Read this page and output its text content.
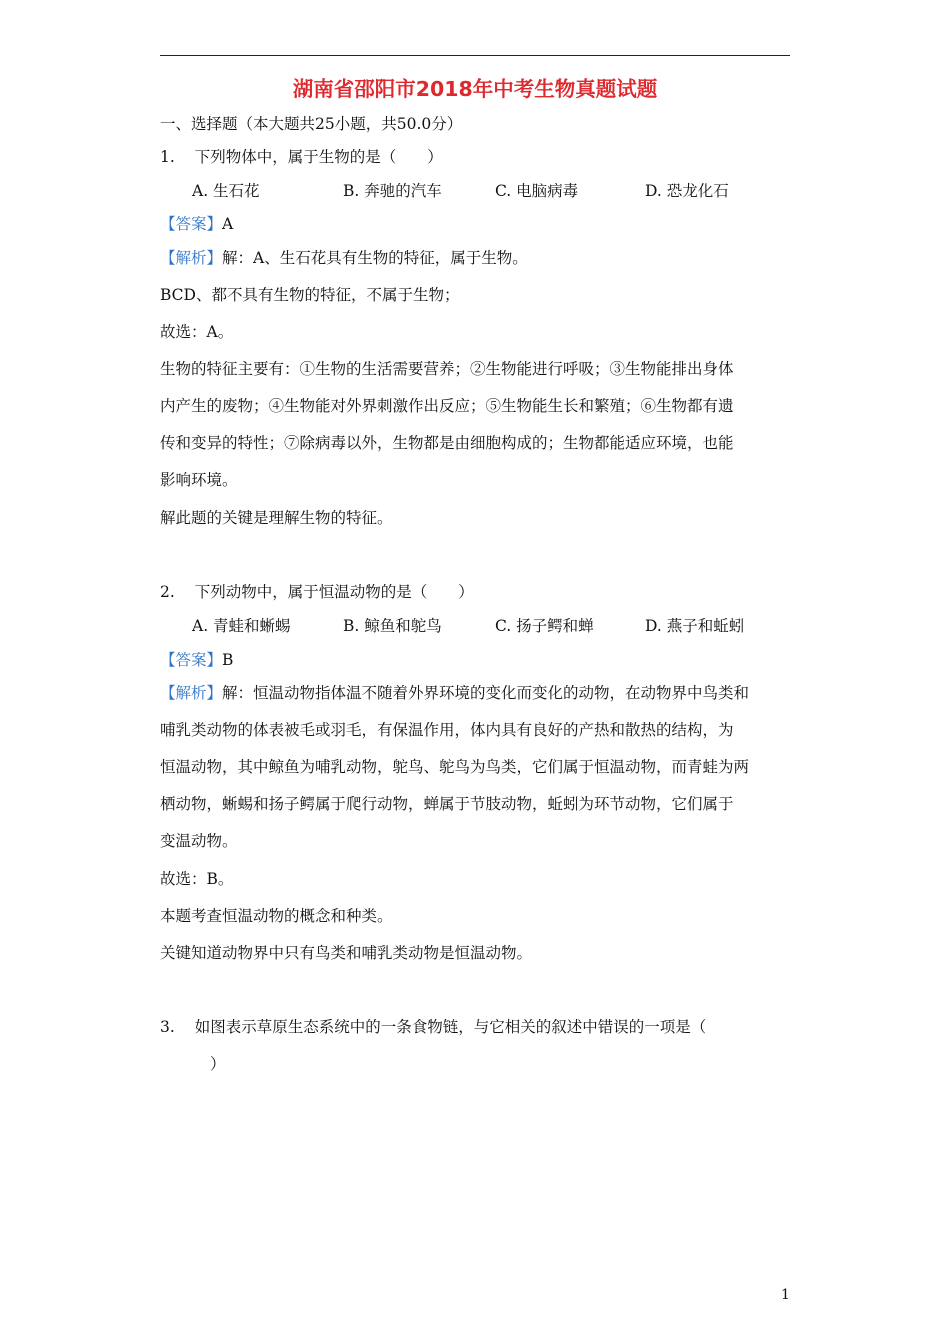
湖南省邵阳市2018年中考生物真题试题
一、选择题（本大题共25小题，共50.0分）
1. 下列物体中，属于生物的是（　　）
A. 生石花	B. 奔驰的汽车	C. 电脑病毒	D. 恐龙化石
【答案】A
【解析】解：A、生石花具有生物的特征，属于生物。
BCD、都不具有生物的特征，不属于生物；
故选：A。
生物的特征主要有：①生物的生活需要营养；②生物能进行呼吸；③生物能排出身体
内产生的废物；④生物能对外界刺激作出反应；⑤生物能生长和繁殖；⑥生物都有遗
传和变异的特性；⑦除病毒以外，生物都是由细胞构成的；生物都能适应环境，也能
影响环境。
解此题的关键是理解生物的特征。
2. 下列动物中，属于恒温动物的是（　　）
A. 青蛙和蜥蜴	B. 鲸鱼和鸵鸟	C. 扬子鳄和蝉	D. 燕子和蚯蚓
【答案】B
【解析】解：恒温动物指体温不随着外界环境的变化而变化的动物，在动物界中鸟类和
哺乳类动物的体表被毛或羽毛，有保温作用，体内具有良好的产热和散热的结构，为
恒温动物，其中鲸鱼为哺乳动物，鸵鸟、鸵鸟为鸟类，它们属于恒温动物，而青蛙为两
栖动物，蜥蜴和扬子鳄属于爬行动物，蝉属于节肢动物，蚯蚓为环节动物，它们属于
变温动物。
故选：B。
本题考查恒温动物的概念和种类。
关键知道动物界中只有鸟类和哺乳类动物是恒温动物。
3. 如图表示草原生态系统中的一条食物链，与它相关的叙述中错误的一项是（
）
1
